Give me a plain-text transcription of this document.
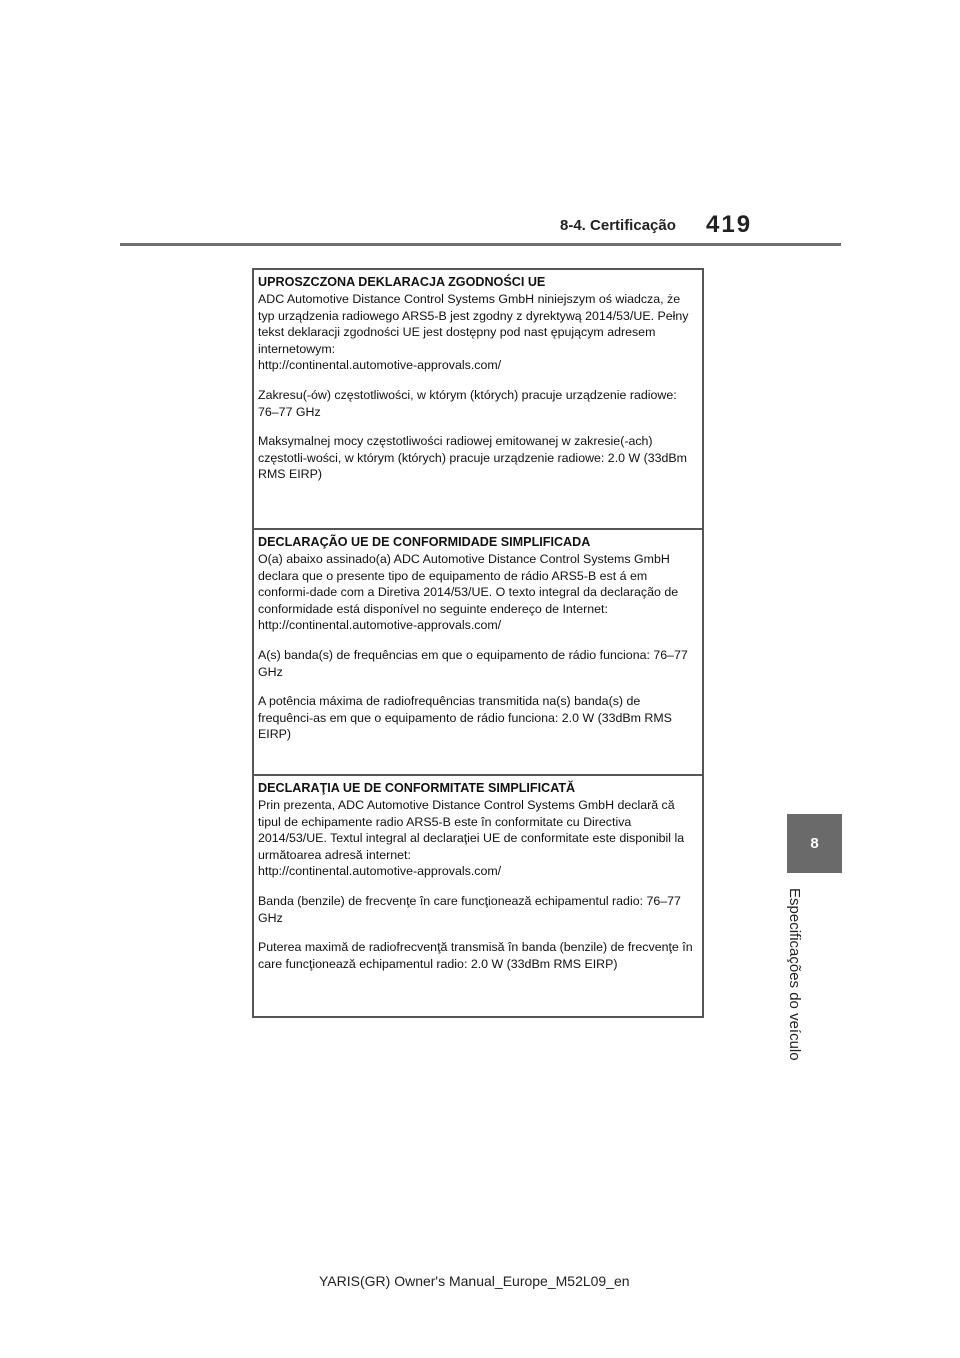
8-4. Certificação 419
8
Especificações do veículo

UPROSZCZONA DEKLARACJA ZGODNOŚCI UE

ADC Automotive Distance Control Systems GmbH niniejszym oś wiadcza, że typ urządzenia radiowego ARS5-B jest zgodny z dyrektywą 2014/53/UE. Pełny tekst deklaracji zgodności UE jest dostępny pod nast ępującym adresem internetowym:

http://continental.automotive-approvals.com/

Zakresu(-ów) częstotliwości, w którym (których) pracuje urządzenie radiowe: 76–77 GHz

Maksymalnej mocy częstotliwości radiowej emitowanej w zakresie(-ach) częstotli-wości, w którym (których) pracuje urządzenie radiowe: 2.0 W (33dBm RMS EIRP)

DECLARAÇÃO UE DE CONFORMIDADE SIMPLIFICADA

O(a) abaixo assinado(a) ADC Automotive Distance Control Systems GmbH declara que o presente tipo de equipamento de rádio ARS5-B est á em conformi-dade com a Diretiva 2014/53/UE. O texto integral da declaração de conformidade está disponível no seguinte endereço de Internet:

http://continental.automotive-approvals.com/

A(s) banda(s) de frequências em que o equipamento de rádio funciona: 76–77 GHz

A potência máxima de radiofrequências transmitida na(s) banda(s) de frequênci-as em que o equipamento de rádio funciona: 2.0 W (33dBm RMS EIRP)

DECLARAŢIA UE DE CONFORMITATE SIMPLIFICATĂ

Prin prezenta, ADC Automotive Distance Control Systems GmbH declară că tipul de echipamente radio ARS5-B este în conformitate cu Directiva 2014/53/UE. Textul integral al declaraţiei UE de conformitate este disponibil la următoarea adresă internet:

http://continental.automotive-approvals.com/

Banda (benzile) de frecvenţe în care funcţionează echipamentul radio: 76–77 GHz

Puterea maximă de radiofrecvenţă transmisă în banda (benzile) de frecvenţe în care funcţionează echipamentul radio: 2.0 W (33dBm RMS EIRP)

YARIS(GR) Owner's Manual_Europe_M52L09_en
